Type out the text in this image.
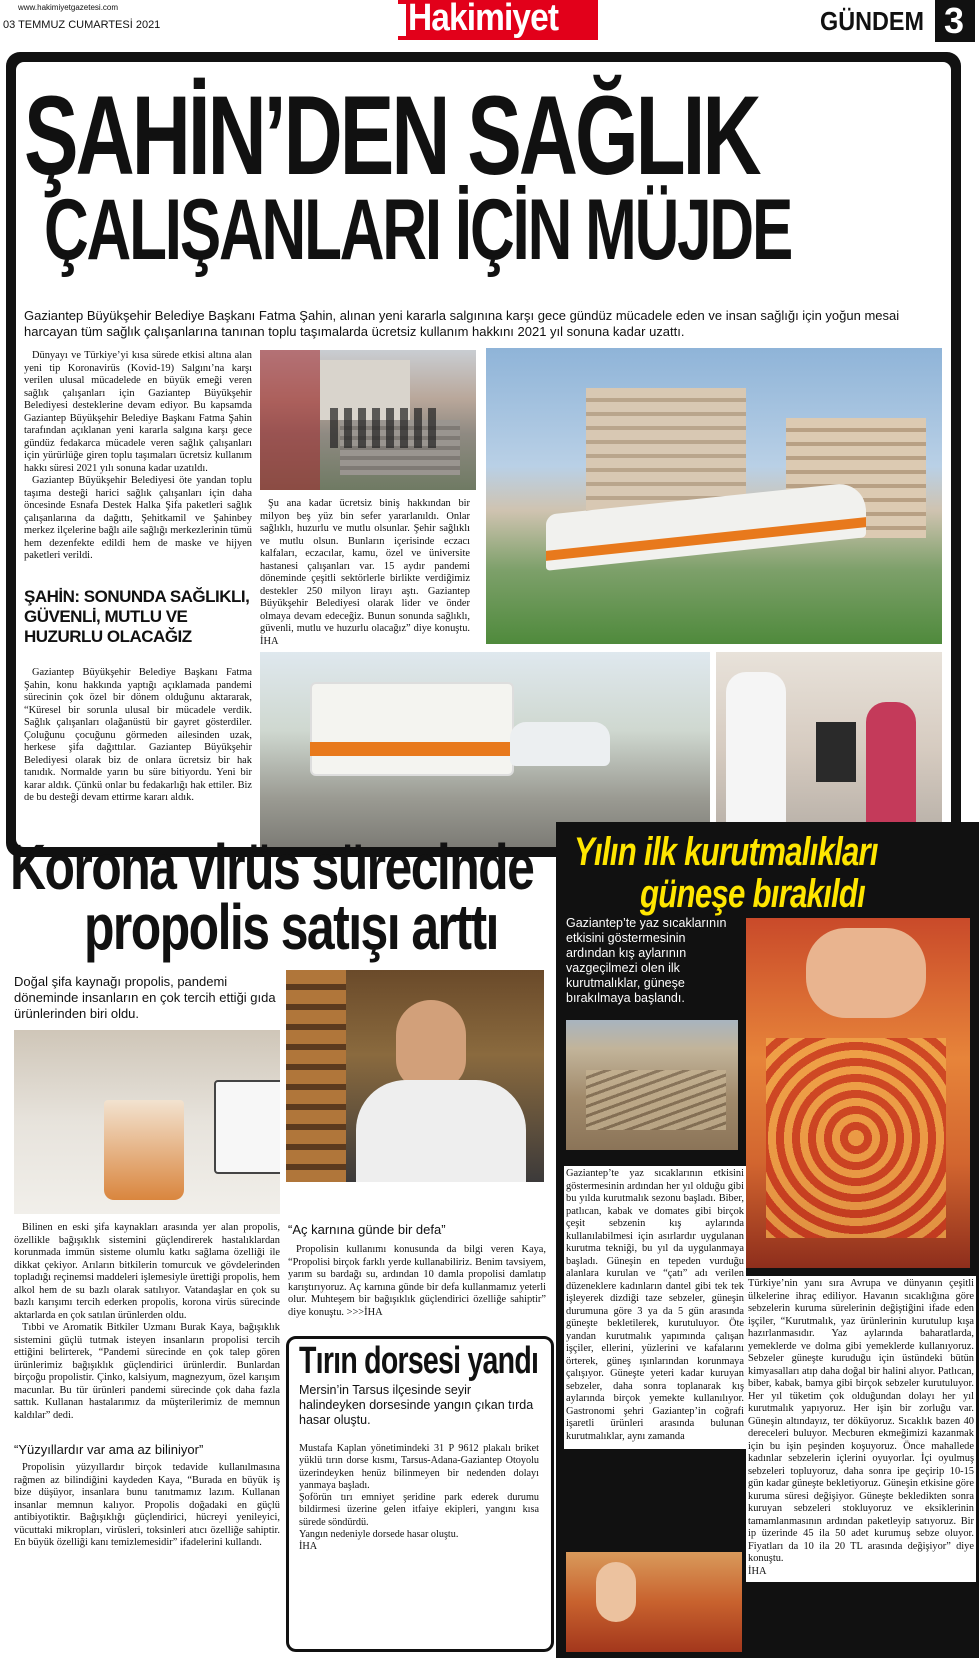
www.hakimiyetgazetesi.com
03 TEMMUZ CUMARTESİ 2021	Hakimiyet	GÜNDEM 3
ŞAHİN’DEN SAĞLIK
ÇALIŞANLARI İÇİN MÜJDE
Gaziantep Büyükşehir Belediye Başkanı Fatma Şahin, alınan yeni kararla salgınına karşı gece gündüz mücadele eden ve insan sağlığı için yoğun mesai harcayan tüm sağlık çalışanlarına tanınan toplu taşımalarda ücretsiz kullanım hakkını 2021 yıl sonuna kadar uzattı.

Dünyayı ve Türkiye’yi kısa sürede etkisi altına alan yeni tip Koronavirüs (Kovid-19) Salgını’na karşı verilen ulusal mücadelede en büyük emeği veren sağlık çalışanları için Gaziantep Büyükşehir Belediyesi desteklerine devam ediyor. Bu kapsamda Gaziantep Büyükşehir Belediye Başkanı Fatma Şahin tarafından açıklanan yeni kararla salgına karşı gece gündüz fedakarca mücadele veren sağlık çalışanları için yürürlüğe giren toplu taşımaları ücretsiz kullanım hakkı süresi 2021 yılı sonuna kadar uzatıldı.

Gaziantep Büyükşehir Belediyesi öte yandan toplu taşıma desteği harici sağlık çalışanları için daha öncesinde Esnafa Destek Halka Şifa paketleri sağlık çalışanlarına da dağıttı, Şehitkamil ve Şahinbey merkez ilçelerine bağlı aile sağlığı merkezlerinin tümü hem dezenfekte edildi hem de maske ve hijyen paketleri verildi.

ŞAHİN: SONUNDA SAĞLIKLI, GÜVENLİ, MUTLU VE HUZURLU OLACAĞIZ

Gaziantep Büyükşehir Belediye Başkanı Fatma Şahin, konu hakkında yaptığı açıklamada pandemi sürecinin çok özel bir dönem olduğunu aktararak, “Küresel bir sorunla ulusal bir mücadele verdik. Sağlık çalışanları olağanüstü bir gayret gösterdiler. Çoluğunu çocuğunu görmeden ailesinden uzak, herkese şifa dağıttılar. Gaziantep Büyükşehir Belediyesi olarak biz de onlara ücretsiz bir hak tanıdık. Normalde yarın bu süre bitiyordu. Yeni bir karar aldık. Çünkü onlar bu fedakarlığı hak ettiler. Biz de bu desteği devam ettirme kararı aldık.

Şu ana kadar ücretsiz biniş hakkından bir milyon beş yüz bin sefer yararlanıldı. Onlar sağlıklı, huzurlu ve mutlu olsunlar. Şehir sağlıklı ve mutlu olsun. Bunların içerisinde eczacı kalfaları, eczacılar, kamu, özel ve üniversite hastanesi çalışanları var. 15 aydır pandemi döneminde çeşitli sektörlerle birlikte verdiğimiz destekler 250 milyon lirayı aştı. Gaziantep Büyükşehir Belediyesi olarak lider ve önder olmaya devam edeceğiz. Bunun sonunda sağlıklı, güvenli, mutlu ve huzurlu olacağız” diye konuştu. İHA

Korona virüs sürecinde
propolis satışı arttı
Doğal şifa kaynağı propolis, pandemi döneminde insanların en çok tercih ettiği gıda ürünlerinden biri oldu.

Bilinen en eski şifa kaynakları arasında yer alan propolis, özellikle bağışıklık sistemini güçlendirerek hastalıklardan korunmada immün sisteme olumlu katkı sağlama özelliği ile dikkat çekiyor. Arıların bitkilerin tomurcuk ve gövdelerinden topladığı reçinemsi maddeleri işlemesiyle ürettiği propolis, hem alkol hem de su bazlı olarak satılıyor. Vatandaşlar en çok su bazlı karışımı tercih ederken propolis, korona virüs sürecinde aktarlarda en çok satılan ürünlerden oldu.

Tıbbi ve Aromatik Bitkiler Uzmanı Burak Kaya, bağışıklık sistemini güçlü tutmak isteyen insanların propolisi tercih ettiğini belirterek, “Pandemi sürecinde en çok talep gören ürünlerimiz bağışıklık güçlendirici ürünlerdir. Bunlardan birçoğu propolistir. Çinko, kalsiyum, magnezyum, özel karışım macunlar. Bu tür ürünleri pandemi sürecinde çok daha fazla sattık. Kullanan hastalarımız da müşterilerimiz de memnun kaldılar” dedi.

“Yüzyıllardır var ama az biliniyor”

Propolisin yüzyıllardır birçok tedavide kullanılmasına rağmen az bilindiğini kaydeden Kaya, “Burada en büyük iş bize düşüyor, insanlara bunu tanıtmamız lazım. Kullanan insanlar memnun kalıyor. Propolis doğadaki en güçlü antibiyotiktir. Bağışıklığı güçlendirici, hücreyi yenileyici, vücuttaki mikropları, virüsleri, toksinleri atıcı özelliğe sahiptir. En büyük özelliği kanı temizlemesidir” ifadelerini kullandı.

“Aç karnına günde bir defa”

Propolisin kullanımı konusunda da bilgi veren Kaya, “Propolisi birçok farklı yerde kullanabiliriz. Benim tavsiyem, yarım su bardağı su, ardından 10 damla propolisi damlatıp karıştırıyoruz. Aç karnına günde bir defa kullanmamız yeterli olur. Muhteşem bir bağışıklık güçlendirici özelliğe sahiptir” diye konuştu. >>>İHA

Tırın dorsesi yandı
Mersin’in Tarsus ilçesinde seyir halindeyken dorsesinde yangın çıkan tırda hasar oluştu.

Mustafa Kaplan yönetimindeki 31 P 9612 plakalı briket yüklü tırın dorse kısmı, Tarsus-Adana-Gaziantep Otoyolu üzerindeyken henüz bilinmeyen bir nedenden dolayı yanmaya başladı.

Şoförün tırı emniyet şeridine park ederek durumu bildirmesi üzerine gelen itfaiye ekipleri, yangını kısa sürede söndürdü.

Yangın nedeniyle dorsede hasar oluştu.

İHA

Yılın ilk kurutmalıkları
güneşe bırakıldı
Gaziantep’te yaz sıcaklarının etkisini göstermesinin ardından kış aylarının vazgeçilmezi olen ilk kurutmalıklar, güneşe bırakılmaya başlandı.

Gaziantep’te yaz sıcaklarının etkisini göstermesinin ardından her yıl olduğu gibi bu yılda kurutmalık sezonu başladı. Biber, patlıcan, kabak ve domates gibi birçok çeşit sebzenin kış aylarında kullanılabilmesi için asırlardır uygulanan kurutma tekniği, bu yıl da uygulanmaya başladı. Güneşin en tepeden vurduğu alanlara kurulan ve “çatı” adı verilen düzeneklere kadınların dantel gibi tek tek işleyerek dizdiği taze sebzeler, güneşin durumuna göre 3 ya da 5 gün arasında güneşte bekletilerek, kurutuluyor. Öte yandan kurutmalık yapımında çalışan işçiler, ellerini, yüzlerini ve kafalarını örterek, güneş ışınlarından korunmaya çalışıyor. Güneşte yeteri kadar kuruyan sebzeler, daha sonra toplanarak kış aylarında birçok yemekte kullanılıyor. Gastronomi şehri Gaziantep’in coğrafi işaretli ürünleri arasında bulunan kurutmalıklar, aynı zamanda

Türkiye’nin yanı sıra Avrupa ve dünyanın çeşitli ülkelerine ihraç ediliyor. Havanın sıcaklığına göre sebzelerin kuruma sürelerinin değiştiğini ifade eden işçiler, “Kurutmalık, yaz ürünlerinin kurutulup kışa hazırlanmasıdır. Yaz aylarında baharatlarda, yemeklerde ve dolma gibi yemeklerde kullanıyoruz. Sebzeler güneşte kuruduğu için üstündeki bütün kimyasalları atıp daha doğal bir halini alıyor. Patlıcan, biber, kabak, bamya gibi birçok sebzeler kurutuluyor. Her yıl tüketim çok olduğundan dolayı her yıl kurutmalık yapıyoruz. Her işin bir zorluğu var. Güneşin altındayız, ter döküyoruz. Sıcaklık bazen 40 dereceleri buluyor. Mecburen ekmeğimizi kazanmak için bu işin peşinden koşuyoruz. Önce mahallede kadınlar sebzelerin içlerini oyuyorlar. İçi oyulmuş sebzeleri topluyoruz, daha sonra ipe geçirip 10-15 gün kadar güneşte bekletiyoruz. Güneşin etkisine göre kuruma süresi değişiyor. Güneşte bekledikten sonra kuruyan sebzeleri stokluyoruz ve eksiklerinin tamamlanmasının ardından paketleyip satıyoruz. Bir ip üzerinde 45 ila 50 adet kurumuş sebze oluyor. Fiyatları da 10 ila 20 TL arasında değişiyor” diye konuştu.

İHA
